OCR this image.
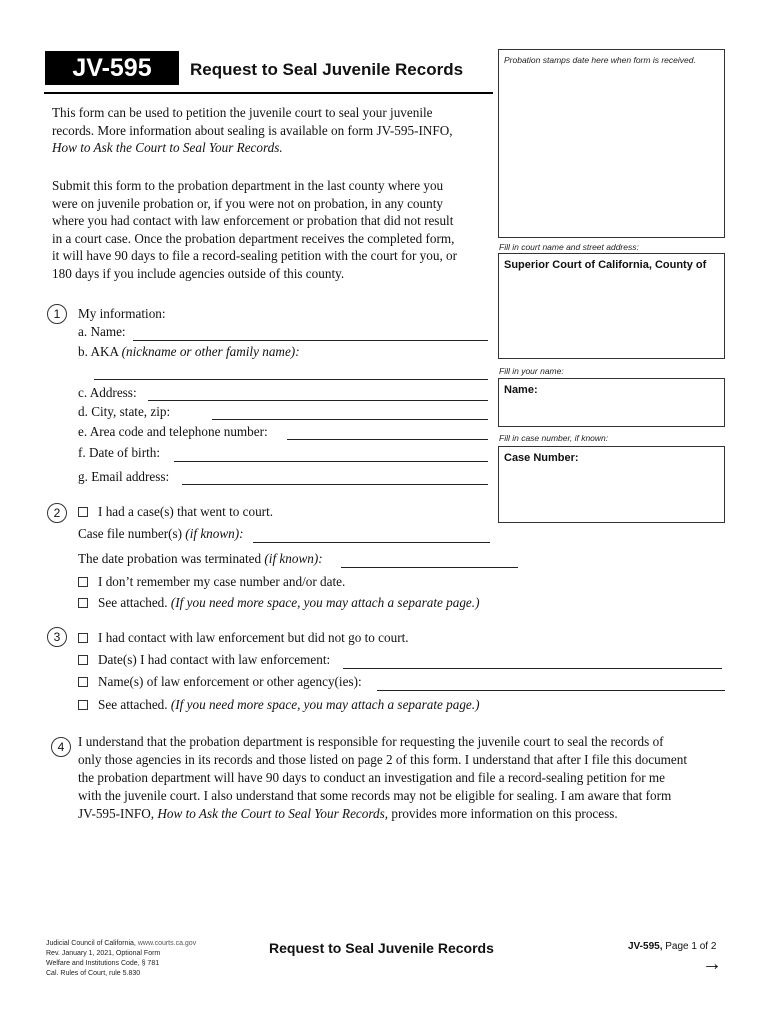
JV-595	Request to Seal Juvenile Records	Probation stamps date here when form is received.
Fill in court name and street address:
Superior Court of California, County of
Fill in your name:
Name:
Fill in case number, if known:
Case Number:
This form can be used to petition the juvenile court to seal your juvenile
records. More information about sealing is available on form JV-595-INFO,
How to Ask the Court to Seal Your Records.
Submit this form to the probation department in the last county where you
were on juvenile probation or, if you were not on probation, in any county
where you had contact with law enforcement or probation that did not result
in a court case. Once the probation department receives the completed form,
it will have 90 days to file a record-sealing petition with the court for you, or
180 days if you include agencies outside of this county.
1	My information:
a. Name:
b. AKA (nickname or other family name):
c. Address:
d. City, state, zip:
e. Area code and telephone number:
f. Date of birth:
g. Email address:
2	I had a case(s) that went to court.
Case file number(s) (if known):
The date probation was terminated (if known):
I don’t remember my case number and/or date.
See attached. (If you need more space, you may attach a separate page.)
3	I had contact with law enforcement but did not go to court.
Date(s) I had contact with law enforcement:
Name(s) of law enforcement or other agency(ies):
See attached. (If you need more space, you may attach a separate page.)
4	I understand that the probation department is responsible for requesting the juvenile court to seal the records of
only those agencies in its records and those listed on page 2 of this form. I understand that after I file this document
the probation department will have 90 days to conduct an investigation and file a record-sealing petition for me
with the juvenile court. I also understand that some records may not be eligible for sealing. I am aware that form
JV-595-INFO, How to Ask the Court to Seal Your Records, provides more information on this process.
Judicial Council of California, www.courts.ca.gov
Rev. January 1, 2021, Optional Form
Welfare and Institutions Code, § 781
Cal. Rules of Court, rule 5.830
Request to Seal Juvenile Records	JV-595, Page 1 of 2
→
